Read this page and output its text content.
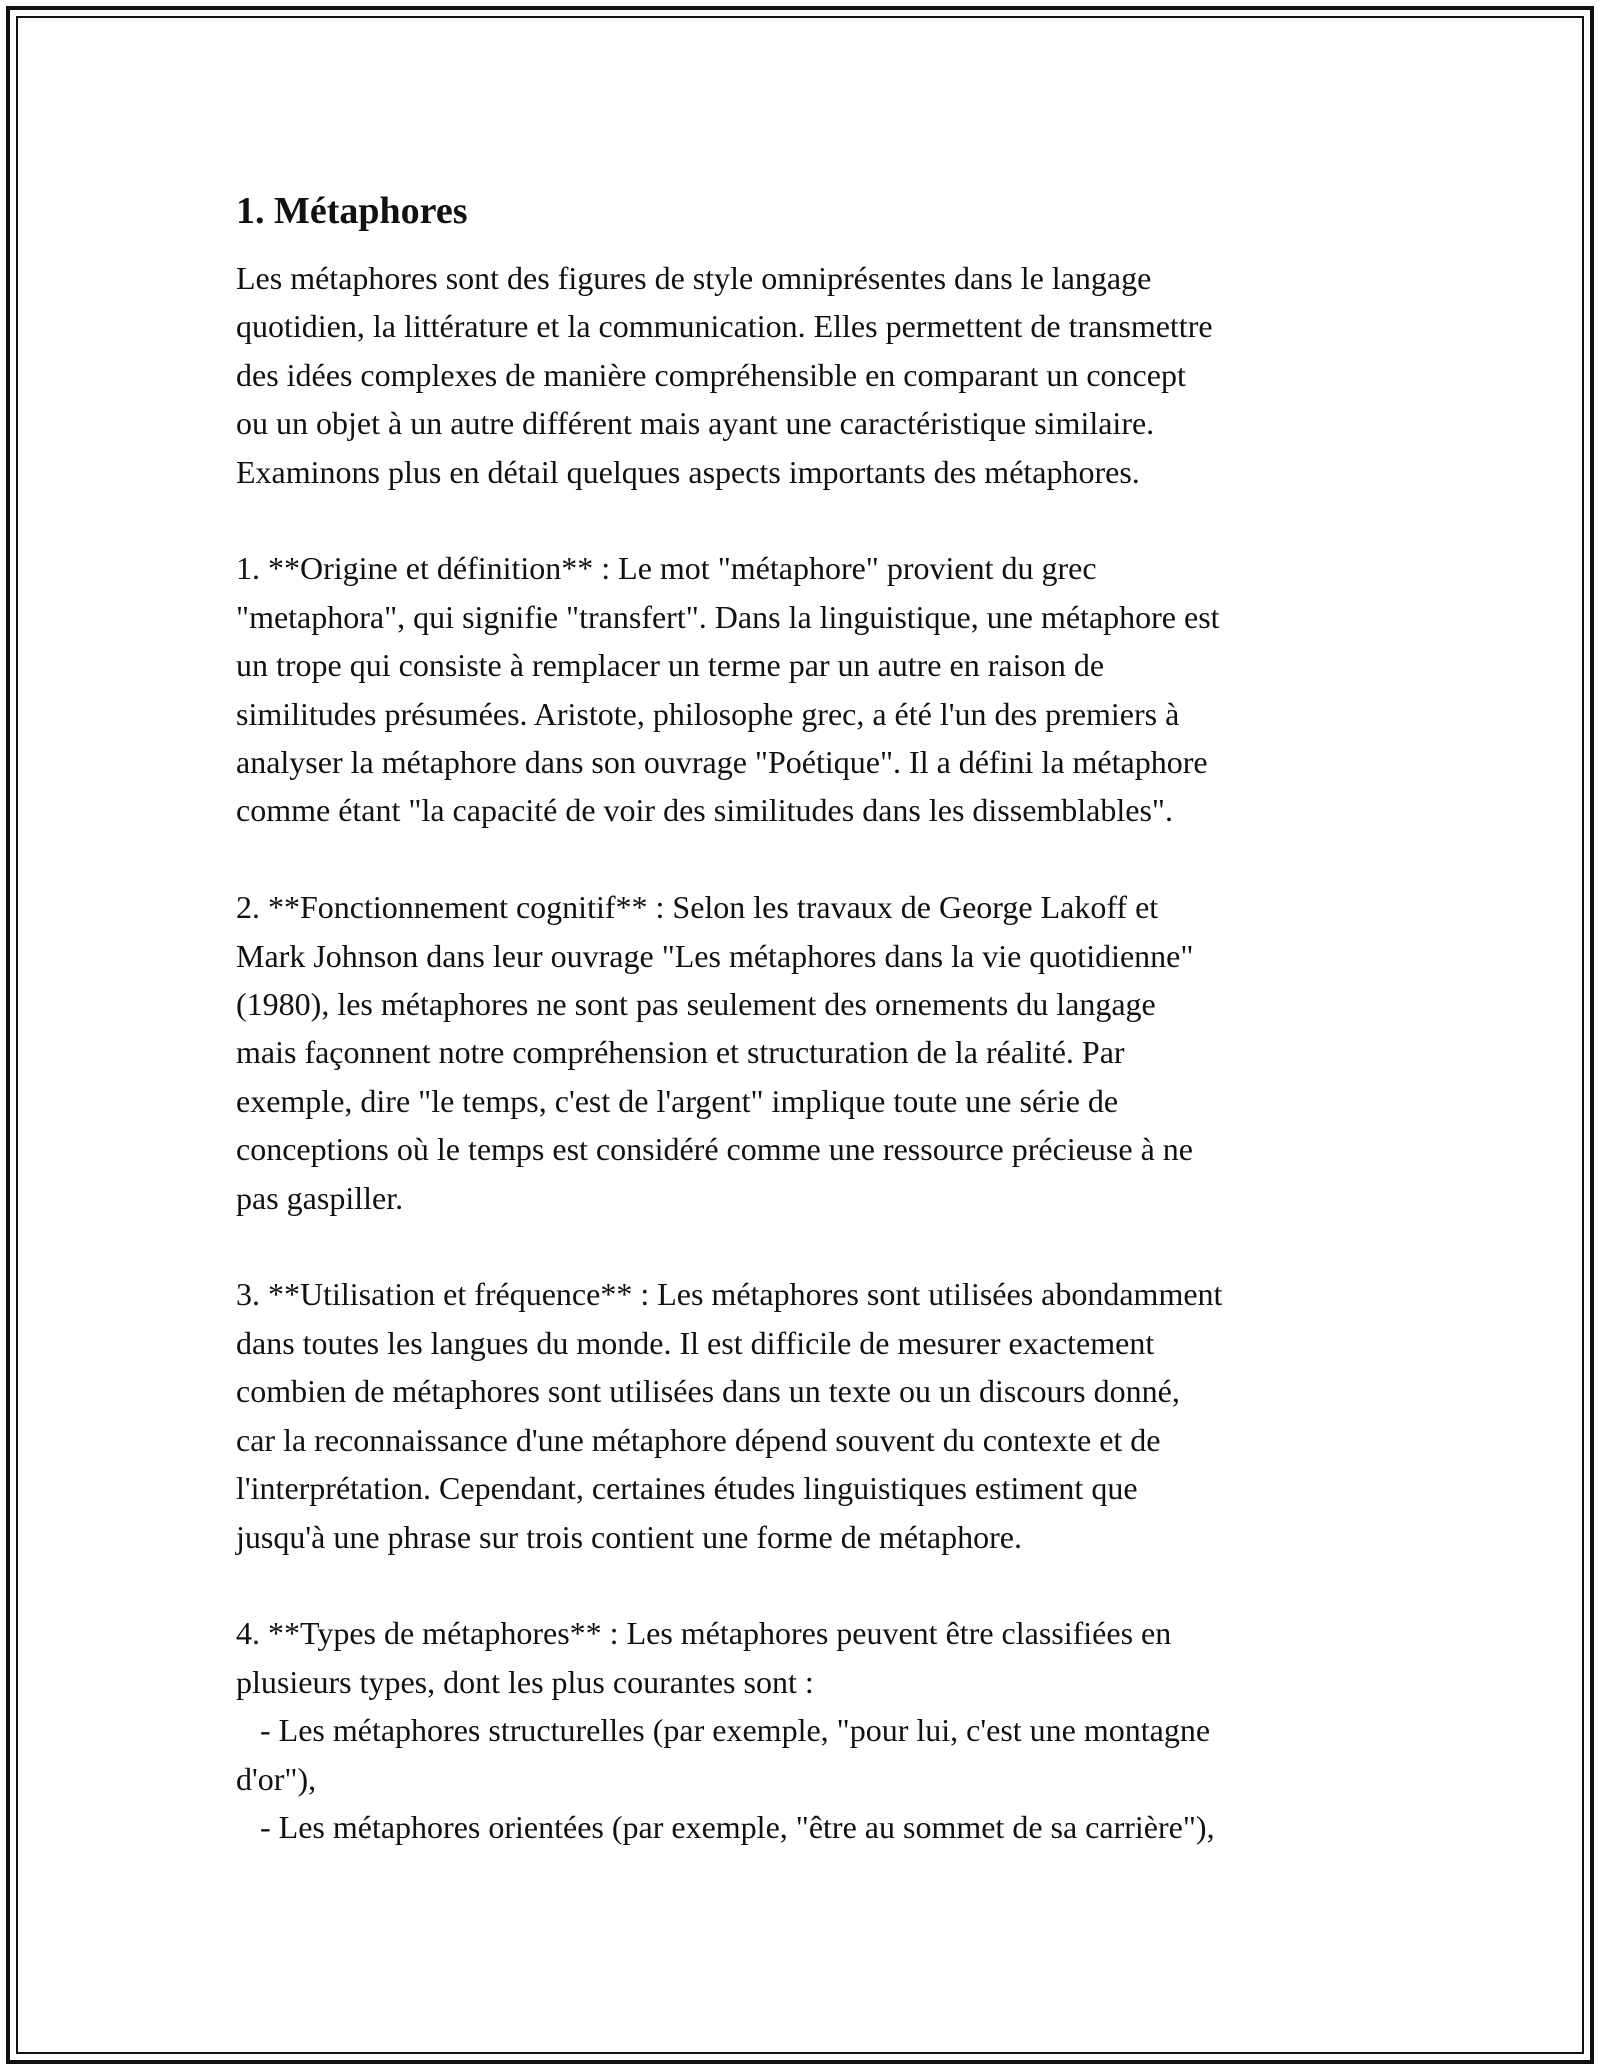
1. Métaphores
Les métaphores sont des figures de style omniprésentes dans le langage
quotidien, la littérature et la communication. Elles permettent de transmettre
des idées complexes de manière compréhensible en comparant un concept
ou un objet à un autre différent mais ayant une caractéristique similaire.
Examinons plus en détail quelques aspects importants des métaphores.
1. **Origine et définition** : Le mot "métaphore" provient du grec
"metaphora", qui signifie "transfert". Dans la linguistique, une métaphore est
un trope qui consiste à remplacer un terme par un autre en raison de
similitudes présumées. Aristote, philosophe grec, a été l'un des premiers à
analyser la métaphore dans son ouvrage "Poétique". Il a défini la métaphore
comme étant "la capacité de voir des similitudes dans les dissemblables".
2. **Fonctionnement cognitif** : Selon les travaux de George Lakoff et
Mark Johnson dans leur ouvrage "Les métaphores dans la vie quotidienne"
(1980), les métaphores ne sont pas seulement des ornements du langage
mais façonnent notre compréhension et structuration de la réalité. Par
exemple, dire "le temps, c'est de l'argent" implique toute une série de
conceptions où le temps est considéré comme une ressource précieuse à ne
pas gaspiller.
3. **Utilisation et fréquence** : Les métaphores sont utilisées abondamment
dans toutes les langues du monde. Il est difficile de mesurer exactement
combien de métaphores sont utilisées dans un texte ou un discours donné,
car la reconnaissance d'une métaphore dépend souvent du contexte et de
l'interprétation. Cependant, certaines études linguistiques estiment que
jusqu'à une phrase sur trois contient une forme de métaphore.
4. **Types de métaphores** : Les métaphores peuvent être classifiées en
plusieurs types, dont les plus courantes sont :
- Les métaphores structurelles (par exemple, "pour lui, c'est une montagne
d'or"),
- Les métaphores orientées (par exemple, "être au sommet de sa carrière"),
